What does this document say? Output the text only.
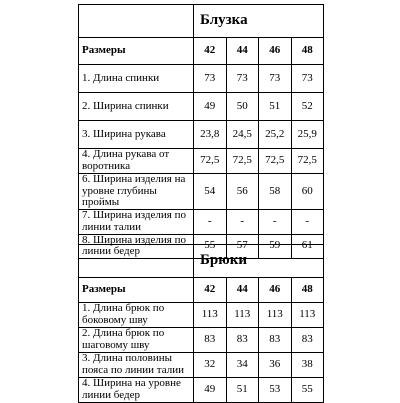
	Блузка			
Размеры	42	44	46	48
1. Длина спинки	73	73	73	73
2. Ширина спинки	49	50	51	52
3. Ширина рукава	23,8	24,5	25,2	25,9
4. Длина рукава от воротника	72,5	72,5	72,5	72,5
6. Ширина изделия на уровне глубины проймы	54	56	58	60
7. Ширина изделия по линии талии	-	-	-	-
8. Ширина изделия по линии бедер	55	57	59	61
	Брюки			
Размеры	42	44	46	48
1. Длина брюк по боковому шву	113	113	113	113
2. Длина брюк по шаговому шву	83	83	83	83
3. Длина половины пояса по линии талии	32	34	36	38
4. Ширина на уровне линии бедер	49	51	53	55
